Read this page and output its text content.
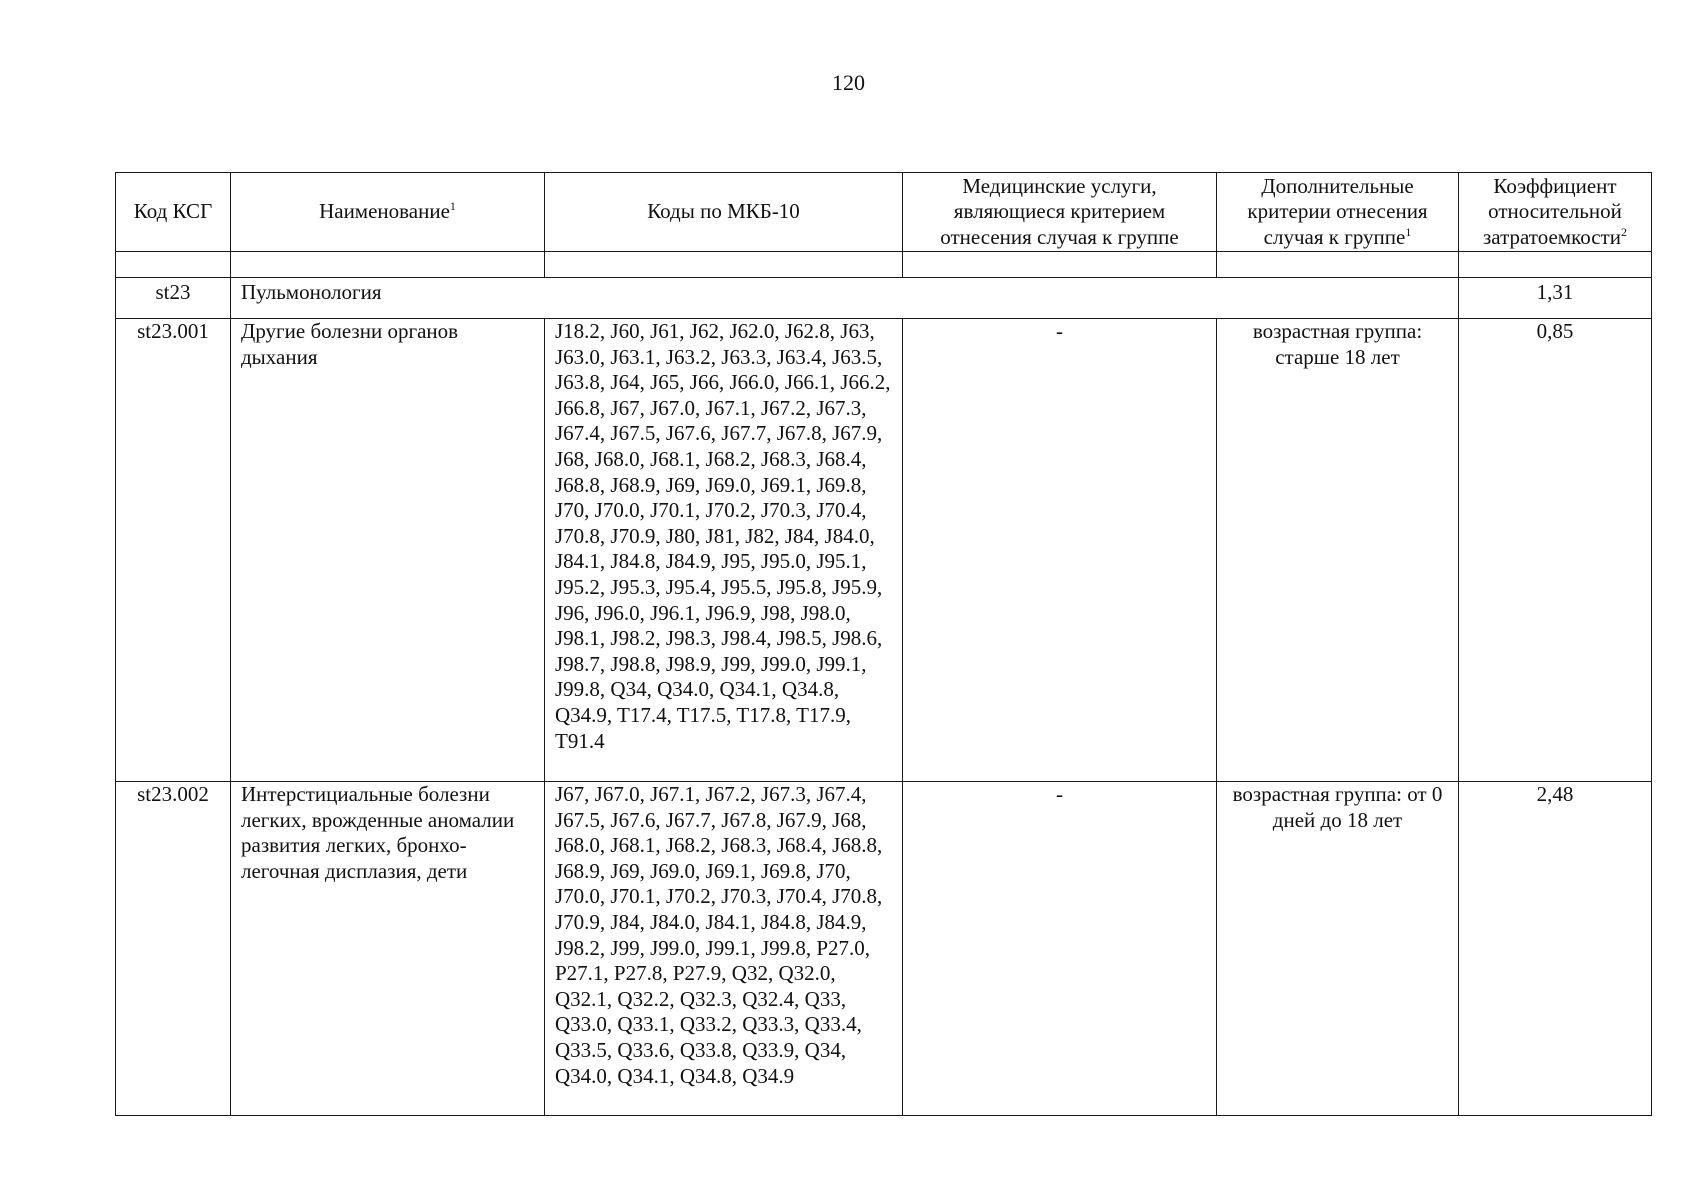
120
Код КСГ	Наименование$^1$	Коды по МКБ-10	Медицинские услуги, являющиеся критерием отнесения случая к группе	Дополнительные критерии отнесения случая к группе$^1$	Коэффициент относительной затратоемкости$^2$

st23	Пульмонология				1,31
st23.001	Другие болезни органов дыхания	J18.2, J60, J61, J62, J62.0, J62.8, J63, J63.0, J63.1, J63.2, J63.3, J63.4, J63.5, J63.8, J64, J65, J66, J66.0, J66.1, J66.2, J66.8, J67, J67.0, J67.1, J67.2, J67.3, J67.4, J67.5, J67.6, J67.7, J67.8, J67.9, J68, J68.0, J68.1, J68.2, J68.3, J68.4, J68.8, J68.9, J69, J69.0, J69.1, J69.8, J70, J70.0, J70.1, J70.2, J70.3, J70.4, J70.8, J70.9, J80, J81, J82, J84, J84.0, J84.1, J84.8, J84.9, J95, J95.0, J95.1, J95.2, J95.3, J95.4, J95.5, J95.8, J95.9, J96, J96.0, J96.1, J96.9, J98, J98.0, J98.1, J98.2, J98.3, J98.4, J98.5, J98.6, J98.7, J98.8, J98.9, J99, J99.0, J99.1, J99.8, Q34, Q34.0, Q34.1, Q34.8, Q34.9, T17.4, T17.5, T17.8, T17.9, T91.4	-	возрастная группа: старше 18 лет	0,85
st23.002	Интерстициальные болезни легких, врожденные аномалии развития легких, бронхо-легочная дисплазия, дети	J67, J67.0, J67.1, J67.2, J67.3, J67.4, J67.5, J67.6, J67.7, J67.8, J67.9, J68, J68.0, J68.1, J68.2, J68.3, J68.4, J68.8, J68.9, J69, J69.0, J69.1, J69.8, J70, J70.0, J70.1, J70.2, J70.3, J70.4, J70.8, J70.9, J84, J84.0, J84.1, J84.8, J84.9, J98.2, J99, J99.0, J99.1, J99.8, P27.0, P27.1, P27.8, P27.9, Q32, Q32.0, Q32.1, Q32.2, Q32.3, Q32.4, Q33, Q33.0, Q33.1, Q33.2, Q33.3, Q33.4, Q33.5, Q33.6, Q33.8, Q33.9, Q34, Q34.0, Q34.1, Q34.8, Q34.9	-	возрастная группа: от 0 дней до 18 лет	2,48
